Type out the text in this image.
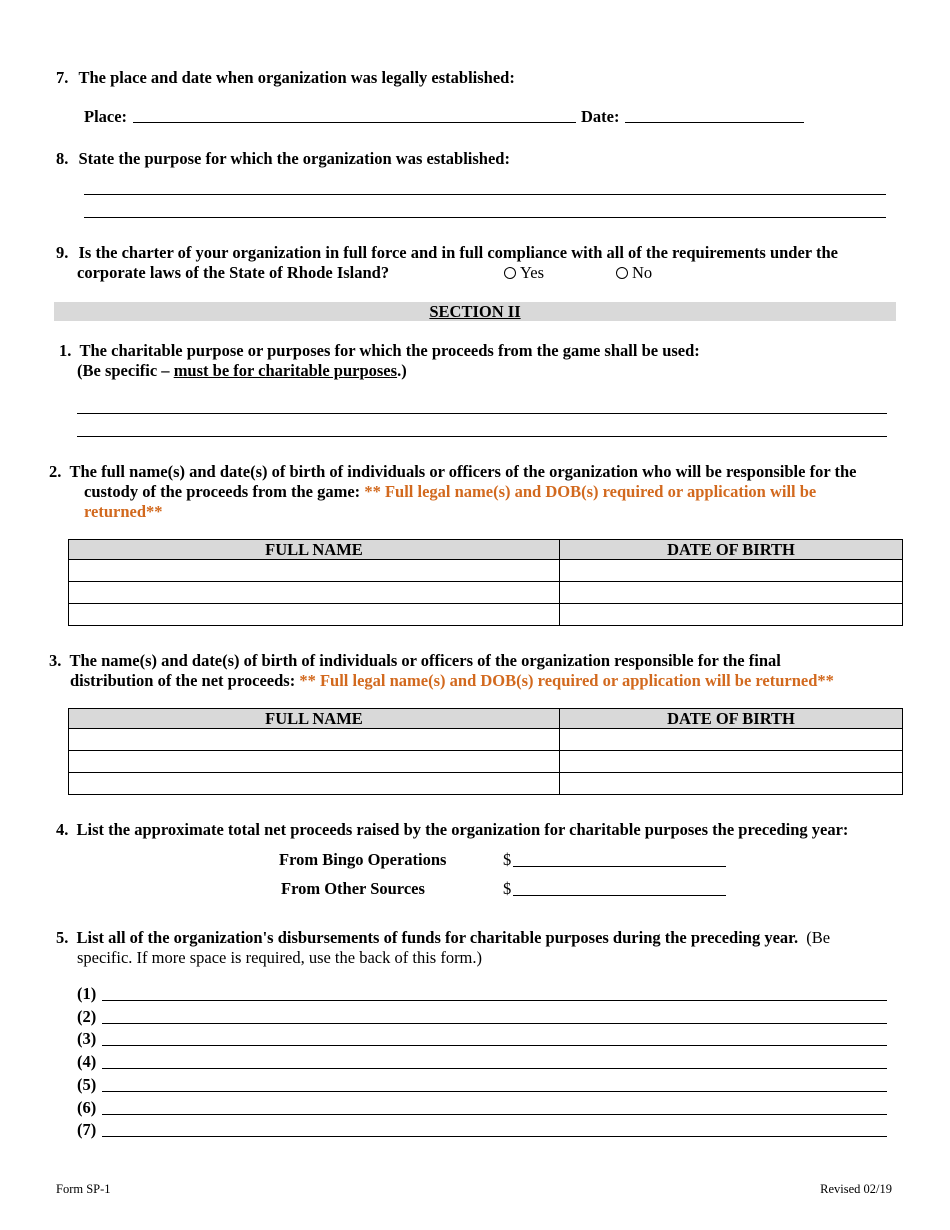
7. The place and date when organization was legally established:
Place:	Date:
8. State the purpose for which the organization was established:
9. Is the charter of your organization in full force and in full compliance with all of the requirements under the
corporate laws of the State of Rhode Island?	Yes	No
SECTION II
1. The charitable purpose or purposes for which the proceeds from the game shall be used:
(Be specific – must be for charitable purposes.)
2. The full name(s) and date(s) of birth of individuals or officers of the organization who will be responsible for the
custody of the proceeds from the game: ** Full legal name(s) and DOB(s) required or application will be
returned**
FULL NAME	DATE OF BIRTH

3. The name(s) and date(s) of birth of individuals or officers of the organization responsible for the final
distribution of the net proceeds: ** Full legal name(s) and DOB(s) required or application will be returned**
FULL NAME	DATE OF BIRTH

4. List the approximate total net proceeds raised by the organization for charitable purposes the preceding year:
From Bingo Operations	$
From Other Sources	$
5. List all of the organization's disbursements of funds for charitable purposes during the preceding year. (Be
specific. If more space is required, use the back of this form.)
(1)
(2)
(3)
(4)
(5)
(6)
(7)
Form SP-1	Revised 02/19
